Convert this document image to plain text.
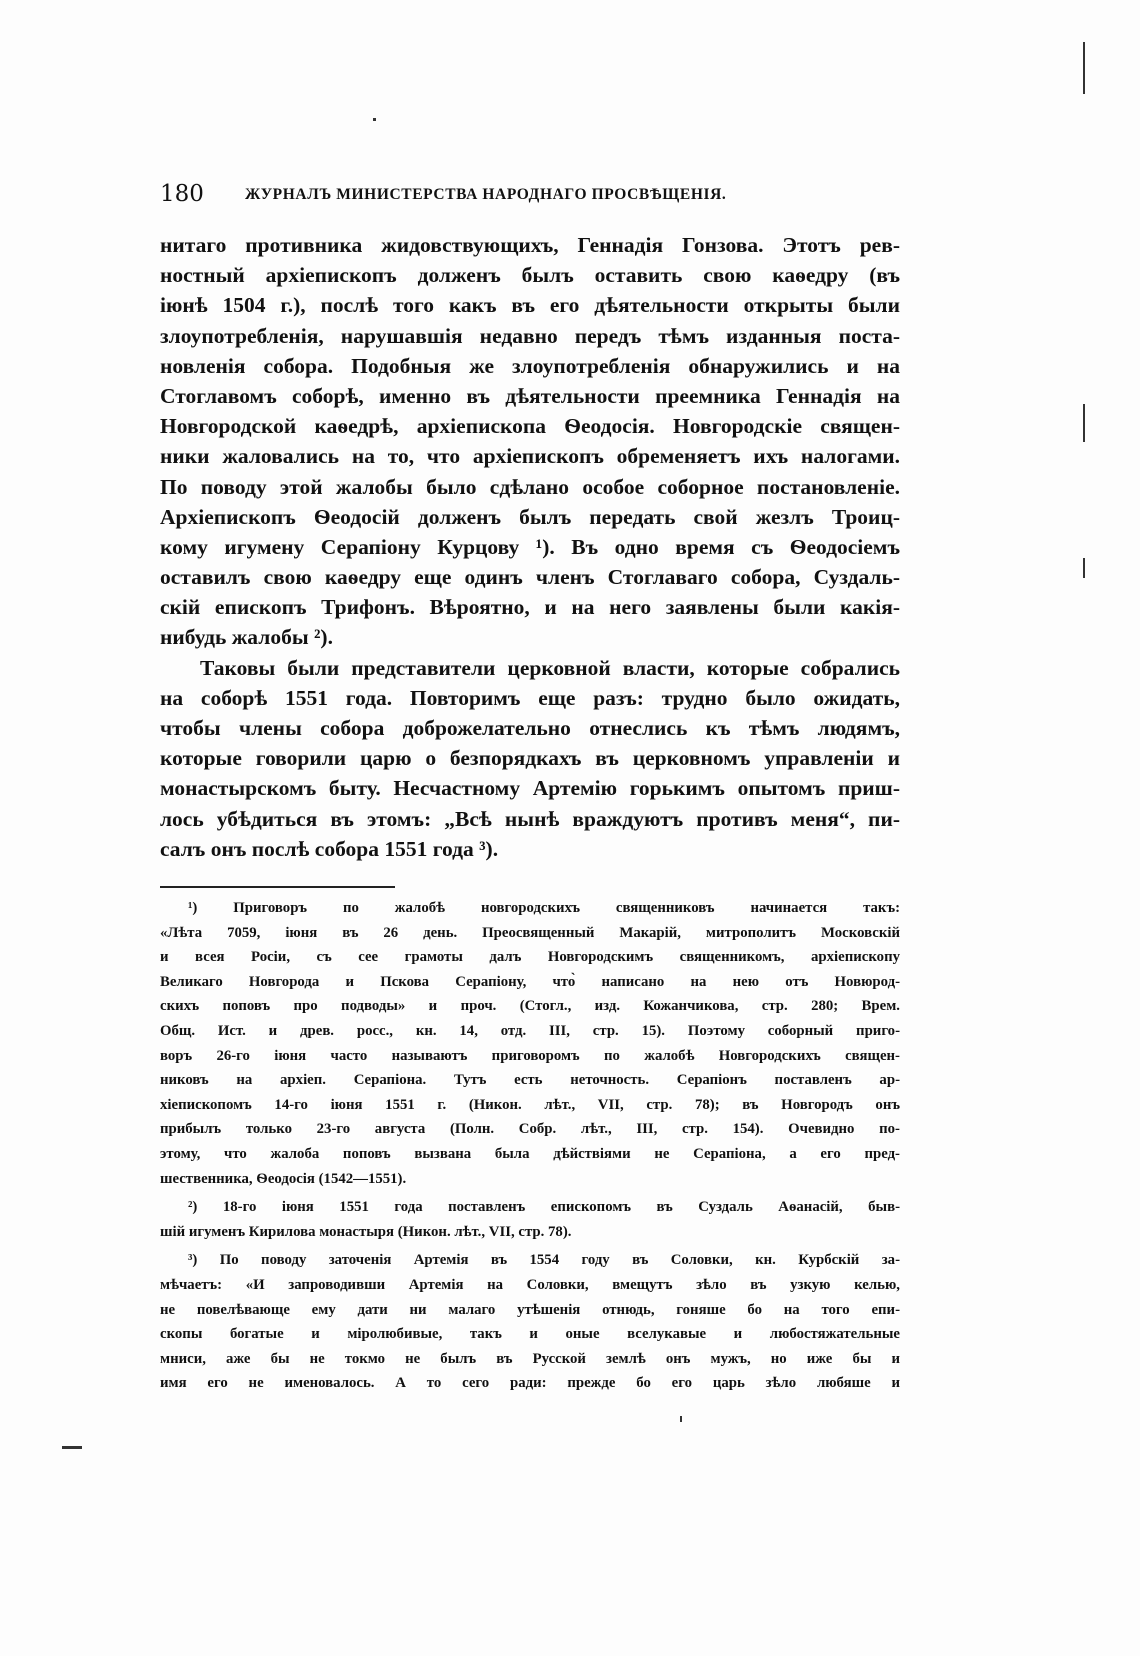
180	ЖУРНАЛЪ МИНИСТЕРСТВА НАРОДНАГО ПРОСВѢЩЕНІЯ.
нитаго противника жидовствующихъ, Геннадія Гонзова. Этотъ рев-
ностный архіепископъ долженъ былъ оставить свою каѳедру (въ
іюнѣ 1504 г.), послѣ того какъ въ его дѣятельности открыты были
злоупотребленія, нарушавшія недавно передъ тѣмъ изданныя поста-
новленія собора. Подобныя же злоупотребленія обнаружились и на
Стоглавомъ соборѣ, именно въ дѣятельности преемника Геннадія на
Новгородской каѳедрѣ, архіепископа Ѳеодосія. Новгородскіе священ-
ники жаловались на то, что архіепископъ обременяетъ ихъ налогами.
По поводу этой жалобы было сдѣлано особое соборное постановленіе.
Архіепископъ Ѳеодосій долженъ былъ передать свой жезлъ Троиц-
кому игумену Серапіону Курцову ¹). Въ одно время съ Ѳеодосіемъ
оставилъ свою каѳедру еще одинъ членъ Стоглаваго собора, Суздаль-
скій епископъ Трифонъ. Вѣроятно, и на него заявлены были какія-
нибудь жалобы ²).
Таковы были представители церковной власти, которые собрались
на соборѣ 1551 года. Повторимъ еще разъ: трудно было ожидать,
чтобы члены собора доброжелательно отнеслись къ тѣмъ людямъ,
которые говорили царю о безпорядкахъ въ церковномъ управленіи и
монастырскомъ быту. Несчастному Артемію горькимъ опытомъ приш-
лось убѣдиться въ этомъ: „Всѣ нынѣ враждуютъ противъ меня“, пи-
салъ онъ послѣ собора 1551 года ³).
¹) Приговоръ по жалобѣ новгородскихъ священниковъ начинается такъ:
«Лѣта 7059, іюня въ 26 день. Преосвященный Макарій, митрополитъ Московскій
и всея Росіи, съ сее грамоты далъ Новгородскимъ священникомъ, архіепископу
Великаго Новгорода и Пскова Серапіону, что̀ написано на нею отъ Новюрод-
скихъ поповъ про подводы» и проч. (Стогл., изд. Кожанчикова, стр. 280; Врем.
Общ. Ист. и древ. росс., кн. 14, отд. III, стр. 15). Поэтому соборный приго-
воръ 26-го іюня часто называютъ приговоромъ по жалобѣ Новгородскихъ священ-
никовъ на архіеп. Серапіона. Тутъ есть неточность. Серапіонъ поставленъ ар-
хіепископомъ 14-го іюня 1551 г. (Никон. лѣт., VII, стр. 78); въ Новгородъ онъ
прибылъ только 23-го августа (Полн. Собр. лѣт., III, стр. 154). Очевидно по-
этому, что жалоба поповъ вызвана была дѣйствіями не Серапіона, а его пред-
шественника, Ѳеодосія (1542—1551).
²) 18-го іюня 1551 года поставленъ епископомъ въ Суздаль Аѳанасій, быв-
шій игуменъ Кирилова монастыря (Никон. лѣт., VII, стр. 78).
³) По поводу заточенія Артемія въ 1554 году въ Соловки, кн. Курбскій за-
мѣчаетъ: «И запроводивши Артемія на Соловки, вмещутъ зѣло въ узкую келью,
не повелѣвающе ему дати ни малаго утѣшенія отнюдь, гоняше бо на того епи-
скопы богатые и міролюбивые, такъ и оные вселукавые и любостяжательные
мниси, аже бы не токмо не былъ въ Русской землѣ онъ мужъ, но иже бы и
имя его не именовалось. А то сего ради: прежде бо его царь зѣло любяше и
